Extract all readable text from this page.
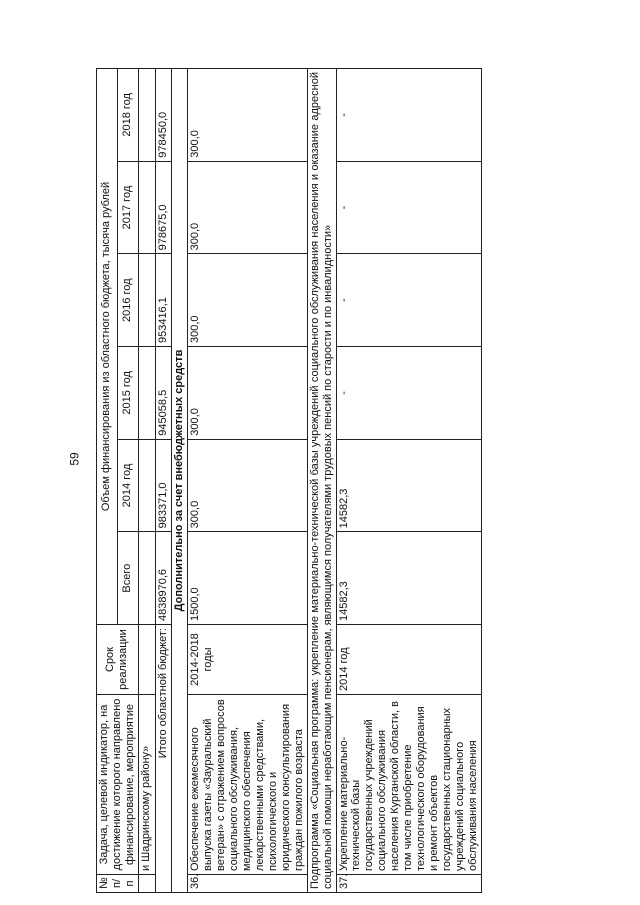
59
№ п/п	Задача, целевой индикатор, на достижение которого направлено финансирование, мероприятие	Срок реализации	Объем финансирования из областного бюджета, тысяча рублей					
			Всего	2014 год	2015 год	2016 год	2017 год	2018 год
	и Шадринскому району»							
Итого областной бюджет:			4838970,6	983371,0	945058,5	953416,1	978675,0	978450,0
Дополнительно за счет внебюджетных средств								
36.	Обеспечение ежемесячного выпуска газеты «Зауральский ветеран» с отражением вопросов социального обслуживания, медицинского обеспечения лекарственными средствами, психологического и юридического консультирования граждан пожилого возраста	2014-2018 годы	1500,0	300,0	300,0	300,0	300,0	300,0
Подпрограмма «Социальная программа: укрепление материально-технической базы учреждений социального обслуживания населения и оказание адресной социальной помощи неработающим пенсионерам, являющимся получателями трудовых пенсий по старости и по инвалидности»								
37.	Укрепление материально-технической базы государственных учреждений социального обслуживания населения Курганской области, в том числе приобретение технологического оборудования и ремонт объектов государственных стационарных учреждений социального обслуживания населения	2014 год	14582,3	14582,3	-	-	-	-
